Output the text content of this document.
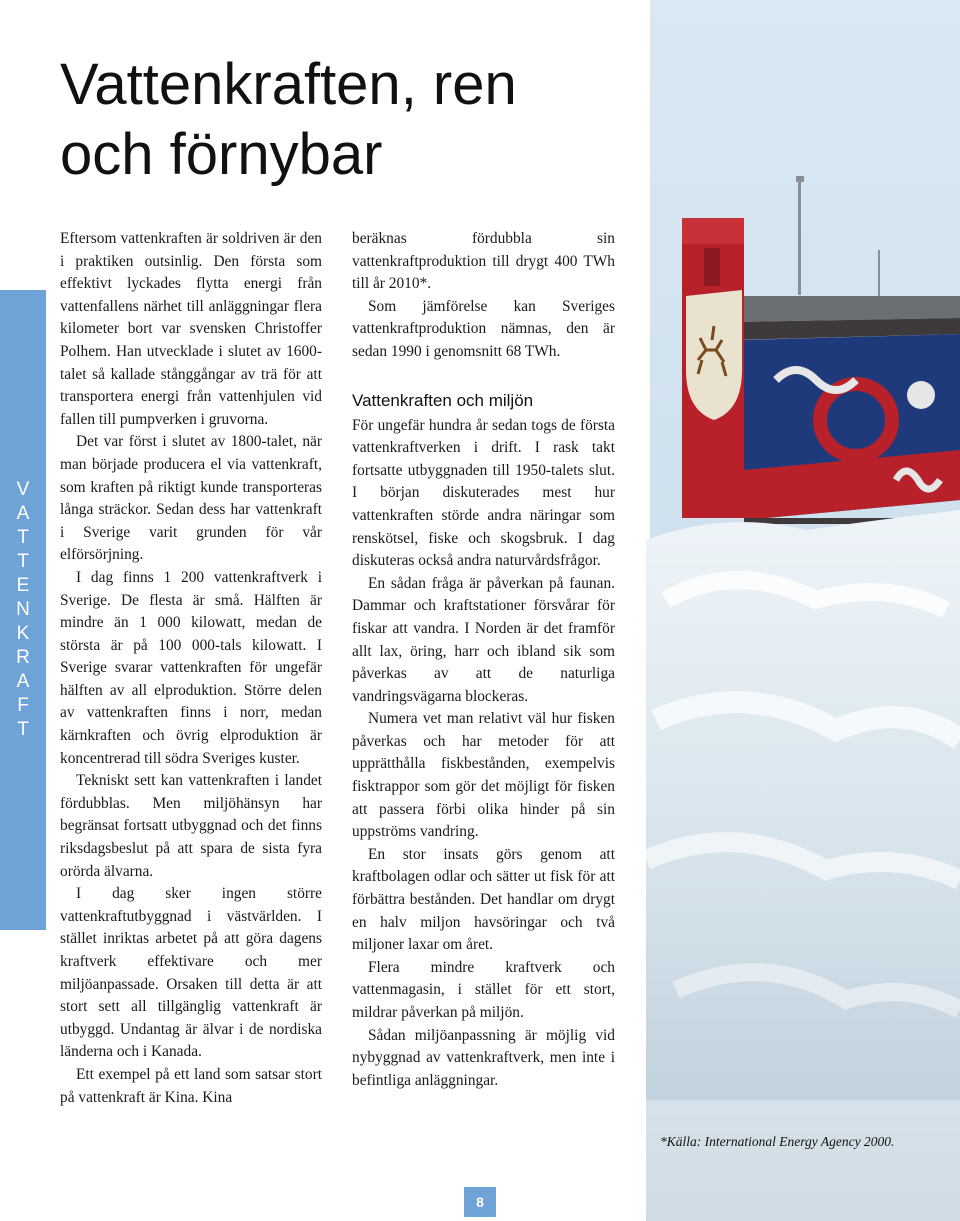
V
A
T
T
E
N
K
R
A
F
T
Vattenkraften, ren
och förnybar

Eftersom vattenkraften är soldriven är den i praktiken outsinlig. Den första som effektivt lyckades flytta energi från vattenfallens närhet till anläggningar flera kilometer bort var svensken Christoffer Polhem. Han utvecklade i slutet av 1600-talet så kallade stånggångar av trä för att transportera energi från vattenhjulen vid fallen till pumpverken i gruvorna.

Det var först i slutet av 1800-talet, när man började producera el via vattenkraft, som kraften på riktigt kunde transporteras långa sträckor. Sedan dess har vattenkraft i Sverige varit grunden för vår elförsörjning.

I dag finns 1 200 vattenkraftverk i Sverige. De flesta är små. Hälften är mindre än 1 000 kilowatt, medan de största är på 100 000-tals kilowatt. I Sverige svarar vattenkraften för ungefär hälften av all elproduktion. Större delen av vattenkraften finns i norr, medan kärnkraften och övrig elproduktion är koncentrerad till södra Sveriges kuster.

Tekniskt sett kan vattenkraften i landet fördubblas. Men miljöhänsyn har begränsat fortsatt utbyggnad och det finns riksdagsbeslut på att spara de sista fyra orörda älvarna.

I dag sker ingen större vattenkraftutbyggnad i västvärlden. I stället inriktas arbetet på att göra dagens kraftverk effektivare och mer miljöanpassade. Orsaken till detta är att stort sett all tillgänglig vattenkraft är utbyggd. Undantag är älvar i de nordiska länderna och i Kanada.

Ett exempel på ett land som satsar stort på vattenkraft är Kina. Kina

beräknas fördubbla sin vattenkraftproduktion till drygt 400 TWh till år 2010*.

Som jämförelse kan Sveriges vattenkraftproduktion nämnas, den är sedan 1990 i genomsnitt 68 TWh.

Vattenkraften och miljön

För ungefär hundra år sedan togs de första vattenkraftverken i drift. I rask takt fortsatte utbyggnaden till 1950-talets slut. I början diskuterades mest hur vattenkraften störde andra näringar som renskötsel, fiske och skogsbruk. I dag diskuteras också andra naturvårdsfrågor.

En sådan fråga är påverkan på faunan. Dammar och kraftstationer försvårar för fiskar att vandra. I Norden är det framför allt lax, öring, harr och ibland sik som påverkas av att de naturliga vandringsvägarna blockeras.

Numera vet man relativt väl hur fisken påverkas och har metoder för att upprätthålla fiskbestånden, exempelvis fisktrappor som gör det möjligt för fisken att passera förbi olika hinder på sin uppströms vandring.

En stor insats görs genom att kraftbolagen odlar och sätter ut fisk för att förbättra bestånden. Det handlar om drygt en halv miljon havsöringar och två miljoner laxar om året.

Flera mindre kraftverk och vattenmagasin, i stället för ett stort, mildrar påverkan på miljön.

Sådan miljöanpassning är möjlig vid nybyggnad av vattenkraftverk, men inte i befintliga anläggningar.

*Källa: International Energy Agency 2000.
8
